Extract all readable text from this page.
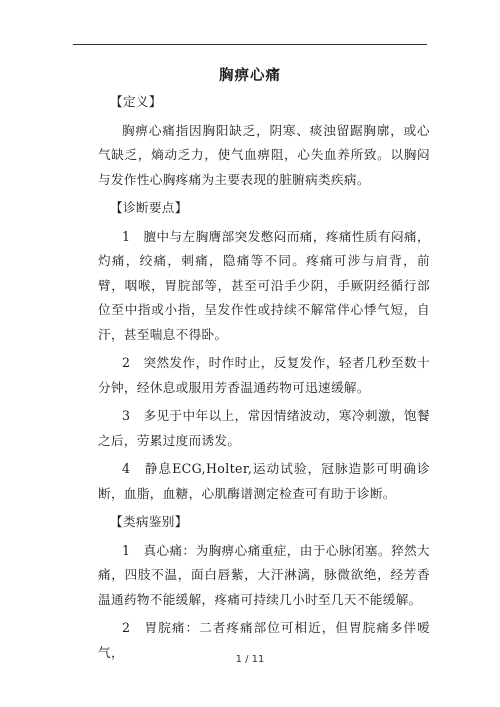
胸痹心痛

【定义】

胸痹心痛指因胸阳缺乏，阴寒、痰浊留踞胸廓，或心气缺乏，熵动乏力，使气血痹阻，心失血养所致。以胸闷与发作性心胸疼痛为主要表现的脏腑病类疾病。

【诊断要点】

1　膻中与左胸膺部突发憋闷而痛，疼痛性质有闷痛，灼痛，绞痛，刺痛，隐痛等不同。疼痛可涉与肩背，前臂，咽喉，胃脘部等，甚至可沿手少阴，手厥阴经循行部位至中指或小指，呈发作性或持续不解常伴心悸气短，自汗，甚至喘息不得卧。

2　突然发作，时作时止，反复发作，轻者几秒至数十分钟，经休息或服用芳香温通药物可迅速缓解。

3　多见于中年以上，常因情绪波动，寒冷刺激，饱餐之后，劳累过度而诱发。

4　静息ECG,Holter,运动试验，冠脉造影可明确诊断，血脂，血糖，心肌酶谱测定检查可有助于诊断。

【类病鉴别】

1　真心痛：为胸痹心痛重症，由于心脉闭塞。猝然大痛，四肢不温，面白唇紫，大汗淋漓，脉微欲绝，经芳香温通药物不能缓解，疼痛可持续几小时至几天不能缓解。

2　胃脘痛：二者疼痛部位可相近，但胃脘痛多伴嗳气，	1 / 11
